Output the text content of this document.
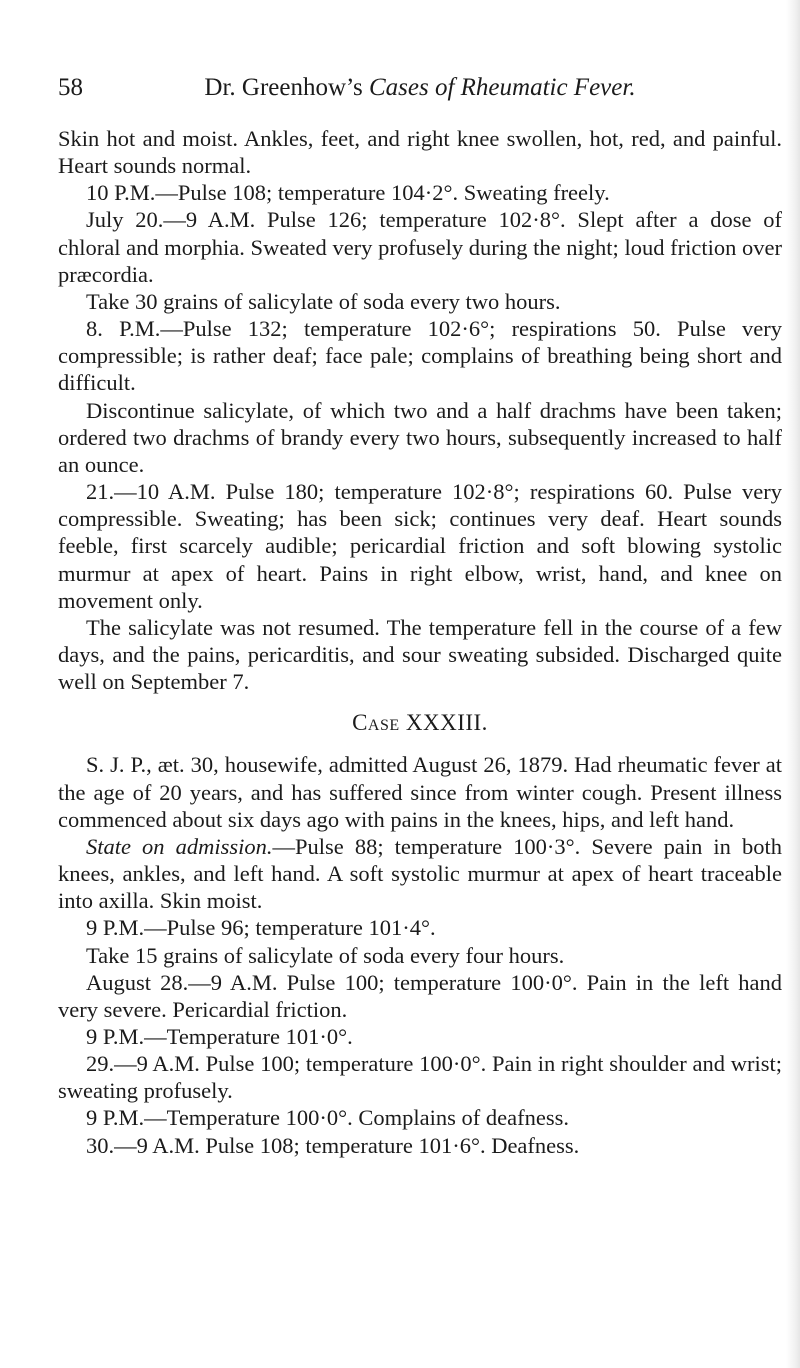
58	Dr. Greenhow’s Cases of Rheumatic Fever.

Skin hot and moist. Ankles, feet, and right knee swollen, hot, red, and painful. Heart sounds normal.

10 P.M.—Pulse 108; temperature 104·2°. Sweating freely.

July 20.—9 A.M. Pulse 126; temperature 102·8°. Slept after a dose of chloral and morphia. Sweated very profusely during the night; loud friction over præcordia.

Take 30 grains of salicylate of soda every two hours.

8. P.M.—Pulse 132; temperature 102·6°; respirations 50. Pulse very compressible; is rather deaf; face pale; complains of breathing being short and difficult.

Discontinue salicylate, of which two and a half drachms have been taken; ordered two drachms of brandy every two hours, subsequently increased to half an ounce.

21.—10 A.M. Pulse 180; temperature 102·8°; respirations 60. Pulse very compressible. Sweating; has been sick; continues very deaf. Heart sounds feeble, first scarcely audible; pericardial friction and soft blowing systolic murmur at apex of heart. Pains in right elbow, wrist, hand, and knee on movement only.

The salicylate was not resumed. The temperature fell in the course of a few days, and the pains, pericarditis, and sour sweating subsided. Discharged quite well on September 7.

Case XXXIII.

S. J. P., æt. 30, housewife, admitted August 26, 1879. Had rheumatic fever at the age of 20 years, and has suffered since from winter cough. Present illness commenced about six days ago with pains in the knees, hips, and left hand.

State on admission.—Pulse 88; temperature 100·3°. Severe pain in both knees, ankles, and left hand. A soft systolic murmur at apex of heart traceable into axilla. Skin moist.

9 P.M.—Pulse 96; temperature 101·4°.

Take 15 grains of salicylate of soda every four hours.

August 28.—9 A.M. Pulse 100; temperature 100·0°. Pain in the left hand very severe. Pericardial friction.

9 P.M.—Temperature 101·0°.

29.—9 A.M. Pulse 100; temperature 100·0°. Pain in right shoulder and wrist; sweating profusely.

9 P.M.—Temperature 100·0°. Complains of deafness.

30.—9 A.M. Pulse 108; temperature 101·6°. Deafness.
